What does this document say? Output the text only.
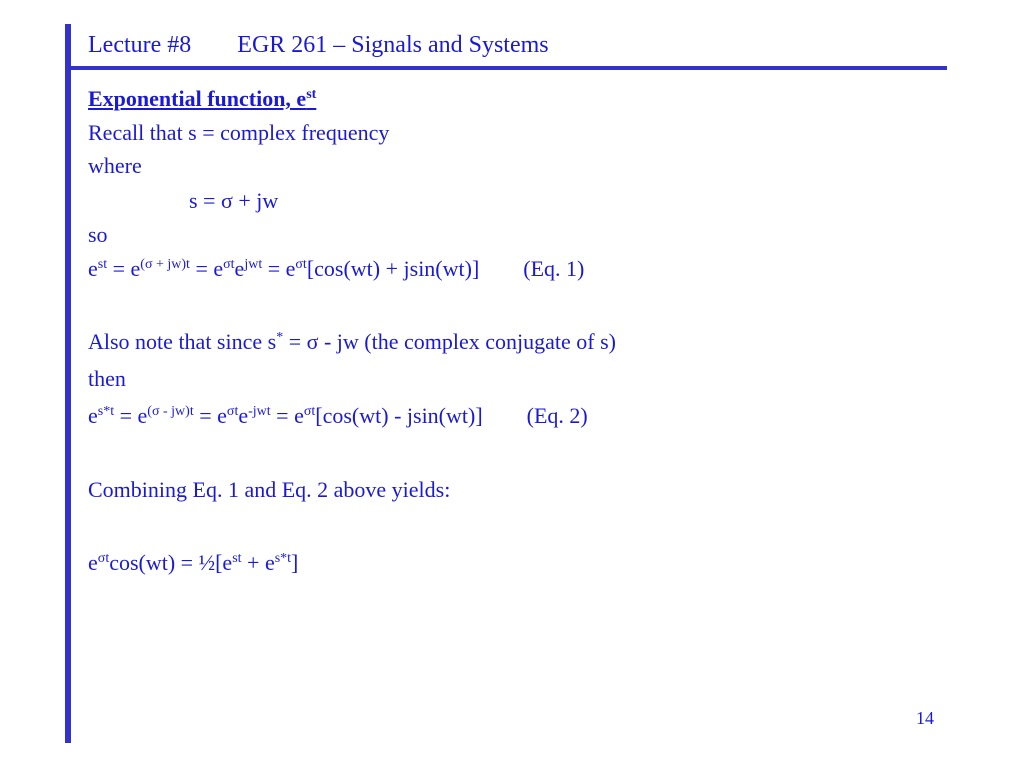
Lecture #8 EGR 261 – Signals and Systems
Exponential function, $e^{st}$
Recall that s = complex frequency
where
s = σ + jw
so
$e^{st} = e^{(\sigma + jw)t} = e^{\sigma t}e^{jwt} = e^{\sigma t}[\cos(wt) + jsin(wt)]$ (Eq. 1)
Also note that since s* = σ - jw (the complex conjugate of s)
then
$e^{s*t} = e^{(\sigma - jw)t} = e^{\sigma t}e^{-jwt} = e^{\sigma t}[\cos(wt) - jsin(wt)]$ (Eq. 2)
Combining Eq. 1 and Eq. 2 above yields:
$e^{\sigma t}\cos(wt)$ = $\frac{1}{2}[e^{st} + e^{s*t}]$
14
